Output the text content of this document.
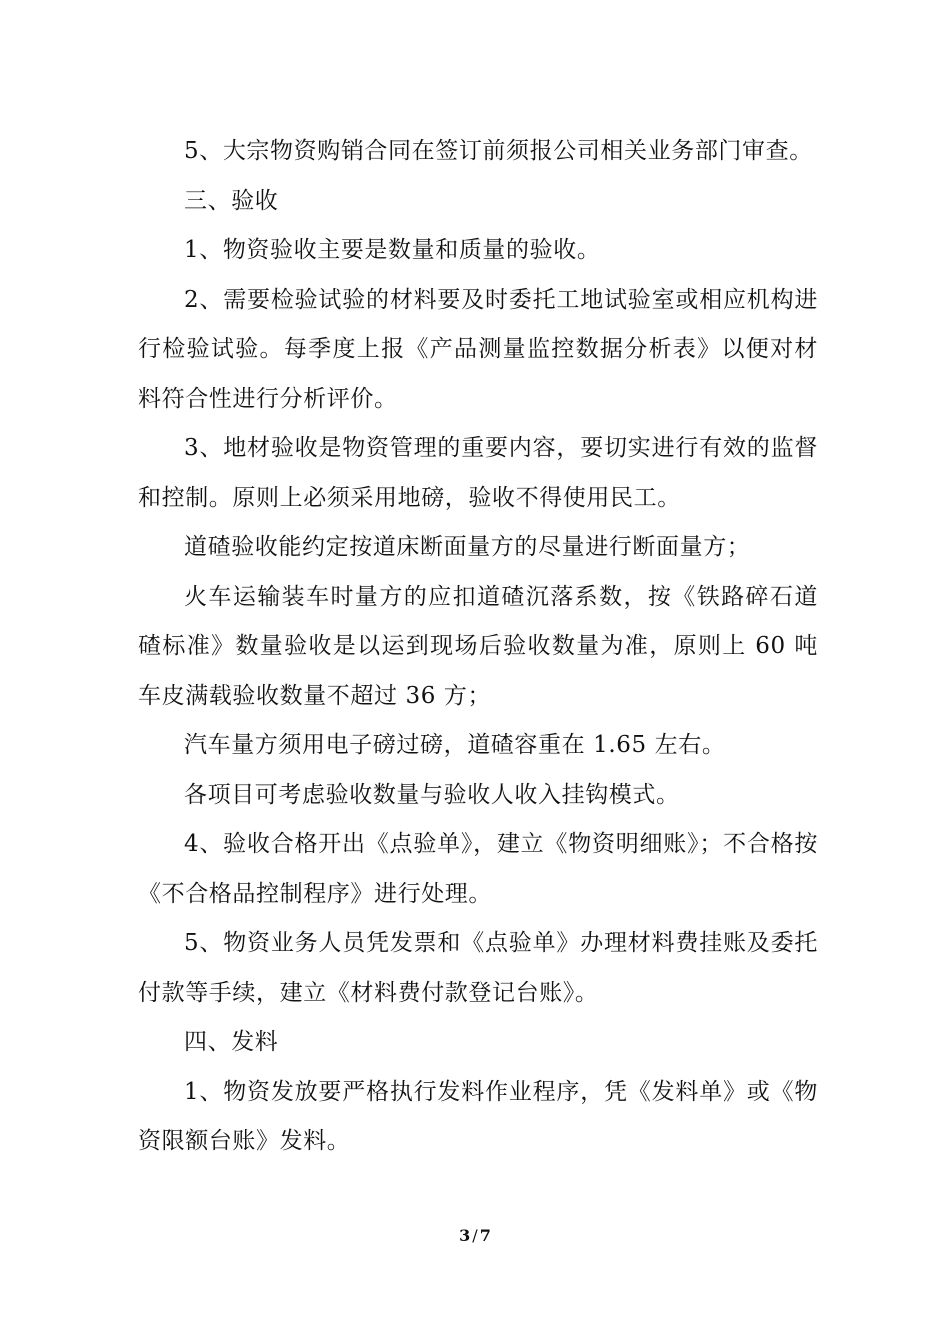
5、大宗物资购销合同在签订前须报公司相关业务部门审查。

三、验收

1、物资验收主要是数量和质量的验收。

2、需要检验试验的材料要及时委托工地试验室或相应机构进行检验试验。每季度上报《产品测量监控数据分析表》以便对材料符合性进行分析评价。

3、地材验收是物资管理的重要内容，要切实进行有效的监督和控制。原则上必须采用地磅，验收不得使用民工。

道碴验收能约定按道床断面量方的尽量进行断面量方；

火车运输装车时量方的应扣道碴沉落系数，按《铁路碎石道碴标准》数量验收是以运到现场后验收数量为准，原则上 60 吨车皮满载验收数量不超过 36 方；

汽车量方须用电子磅过磅，道碴容重在 1.65 左右。

各项目可考虑验收数量与验收人收入挂钩模式。

4、验收合格开出《点验单》，建立《物资明细账》；不合格按《不合格品控制程序》进行处理。

5、物资业务人员凭发票和《点验单》办理材料费挂账及委托付款等手续，建立《材料费付款登记台账》。

四、发料

1、物资发放要严格执行发料作业程序，凭《发料单》或《物资限额台账》发料。

3 / 7
